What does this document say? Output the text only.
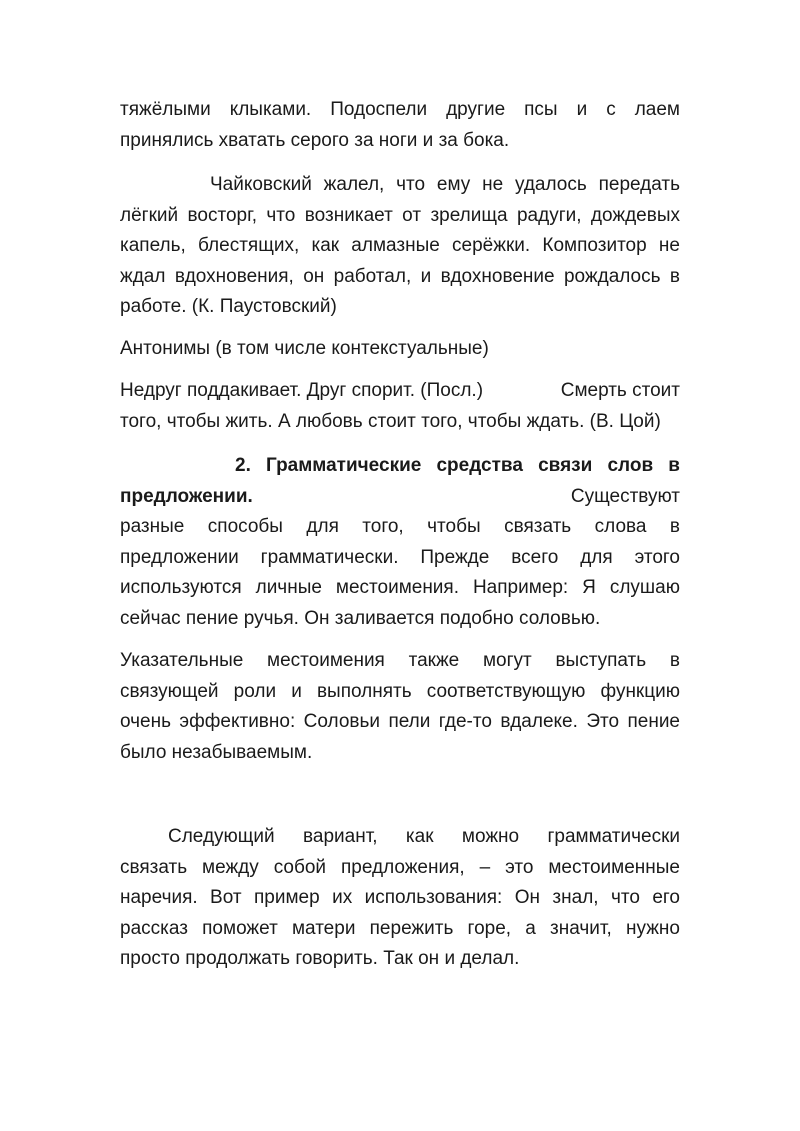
тяжёлыми клыками. Подоспели другие псы и с лаем
принялись хватать серого за ноги и за бока.
Чайковский жалел, что ему не удалось передать
лёгкий восторг, что возникает от зрелища радуги, дождевых
капель, блестящих, как алмазные серёжки. Композитор не
ждал вдохновения, он работал, и вдохновение рождалось в
работе. (К. Паустовский)
Антонимы (в том числе контекстуальные)
Недруг поддакивает. Друг спорит. (Посл.)	Смерть стоит
того, чтобы жить. А любовь стоит того, чтобы ждать. (В. Цой)
2. Грамматические средства связи слов в
предложении.	Существуют
разные способы для того, чтобы связать слова в
предложении грамматически. Прежде всего для этого
используются личные местоимения. Например: Я слушаю
сейчас пение ручья. Он заливается подобно соловью.
Указательные местоимения также могут выступать в
связующей роли и выполнять соответствующую функцию
очень эффективно: Соловьи пели где-то вдалеке. Это пение
было незабываемым.
Следующий вариант, как можно грамматически
связать между собой предложения, – это местоименные
наречия. Вот пример их использования: Он знал, что его
рассказ поможет матери пережить горе, а значит, нужно
просто продолжать говорить. Так он и делал.
